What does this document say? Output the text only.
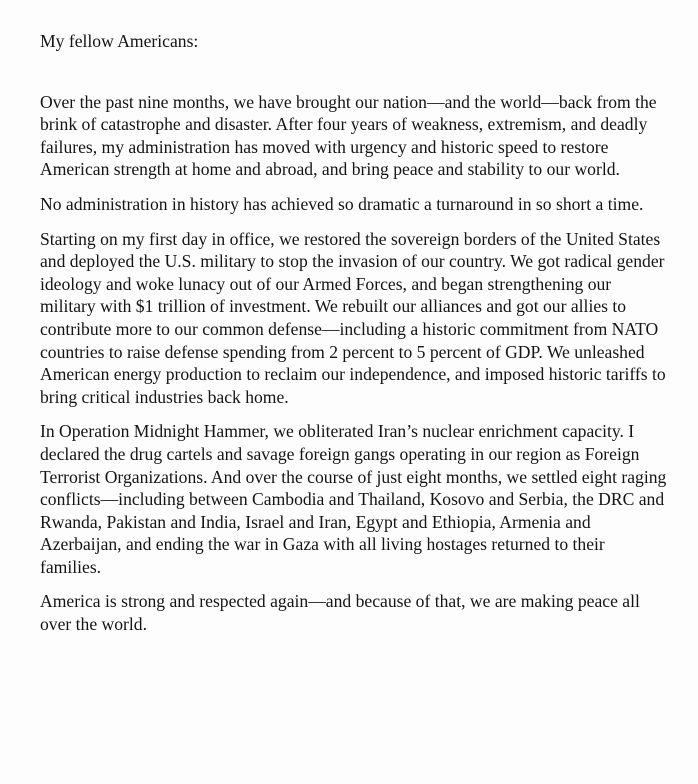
My fellow Americans:

Over the past nine months, we have brought our nation—and the world—back from the brink of catastrophe and disaster. After four years of weakness, extremism, and deadly failures, my administration has moved with urgency and historic speed to restore American strength at home and abroad, and bring peace and stability to our world.

No administration in history has achieved so dramatic a turnaround in so short a time.

Starting on my first day in office, we restored the sovereign borders of the United States and deployed the U.S. military to stop the invasion of our country. We got radical gender ideology and woke lunacy out of our Armed Forces, and began strengthening our military with $1 trillion of investment. We rebuilt our alliances and got our allies to contribute more to our common defense—including a historic commitment from NATO countries to raise defense spending from 2 percent to 5 percent of GDP. We unleashed American energy production to reclaim our independence, and imposed historic tariffs to bring critical industries back home.

In Operation Midnight Hammer, we obliterated Iran’s nuclear enrichment capacity. I declared the drug cartels and savage foreign gangs operating in our region as Foreign Terrorist Organizations. And over the course of just eight months, we settled eight raging conflicts—including between Cambodia and Thailand, Kosovo and Serbia, the DRC and Rwanda, Pakistan and India, Israel and Iran, Egypt and Ethiopia, Armenia and Azerbaijan, and ending the war in Gaza with all living hostages returned to their families.

America is strong and respected again—and because of that, we are making peace all over the world.
